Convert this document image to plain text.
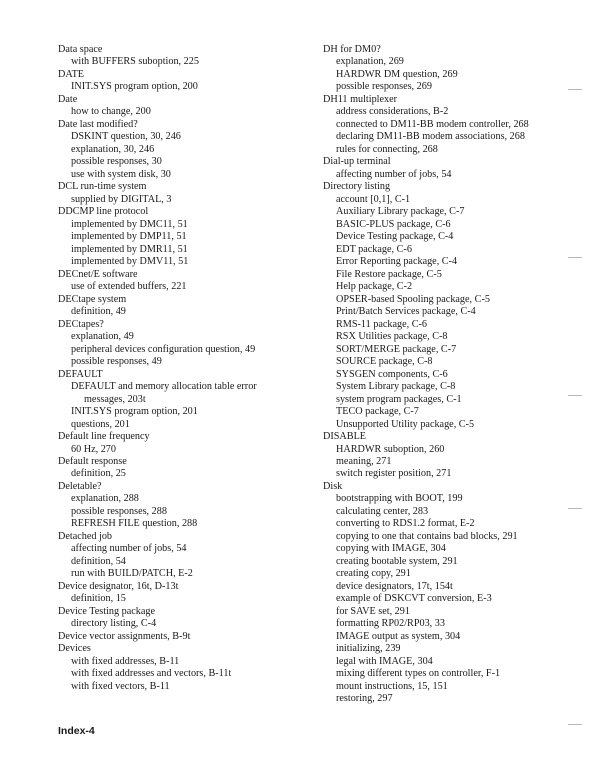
Data space
with BUFFERS suboption, 225
DATE
INIT.SYS program option, 200
Date
how to change, 200
Date last modified?
DSKINT question, 30, 246
explanation, 30, 246
possible responses, 30
use with system disk, 30
DCL run-time system
supplied by DIGITAL, 3
DDCMP line protocol
implemented by DMC11, 51
implemented by DMP11, 51
implemented by DMR11, 51
implemented by DMV11, 51
DECnet/E software
use of extended buffers, 221
DECtape system
definition, 49
DECtapes?
explanation, 49
peripheral devices configuration question, 49
possible responses, 49
DEFAULT
DEFAULT and memory allocation table error
messages, 203t
INIT.SYS program option, 201
questions, 201
Default line frequency
60 Hz, 270
Default response
definition, 25
Deletable?
explanation, 288
possible responses, 288
REFRESH FILE question, 288
Detached job
affecting number of jobs, 54
definition, 54
run with BUILD/PATCH, E-2
Device designator, 16t, D-13t
definition, 15
Device Testing package
directory listing, C-4
Device vector assignments, B-9t
Devices
with fixed addresses, B-11
with fixed addresses and vectors, B-11t
with fixed vectors, B-11
DH for DM0?
explanation, 269
HARDWR DM question, 269
possible responses, 269
DH11 multiplexer
address considerations, B-2
connected to DM11-BB modem controller, 268
declaring DM11-BB modem associations, 268
rules for connecting, 268
Dial-up terminal
affecting number of jobs, 54
Directory listing
account [0,1], C-1
Auxiliary Library package, C-7
BASIC-PLUS package, C-6
Device Testing package, C-4
EDT package, C-6
Error Reporting package, C-4
File Restore package, C-5
Help package, C-2
OPSER-based Spooling package, C-5
Print/Batch Services package, C-4
RMS-11 package, C-6
RSX Utilities package, C-8
SORT/MERGE package, C-7
SOURCE package, C-8
SYSGEN components, C-6
System Library package, C-8
system program packages, C-1
TECO package, C-7
Unsupported Utility package, C-5
DISABLE
HARDWR suboption, 260
meaning, 271
switch register position, 271
Disk
bootstrapping with BOOT, 199
calculating center, 283
converting to RDS1.2 format, E-2
copying to one that contains bad blocks, 291
copying with IMAGE, 304
creating bootable system, 291
creating copy, 291
device designators, 17t, 154t
example of DSKCVT conversion, E-3
for SAVE set, 291
formatting RP02/RP03, 33
IMAGE output as system, 304
initializing, 239
legal with IMAGE, 304
mixing different types on controller, F-1
mount instructions, 15, 151
restoring, 297
Index-4
